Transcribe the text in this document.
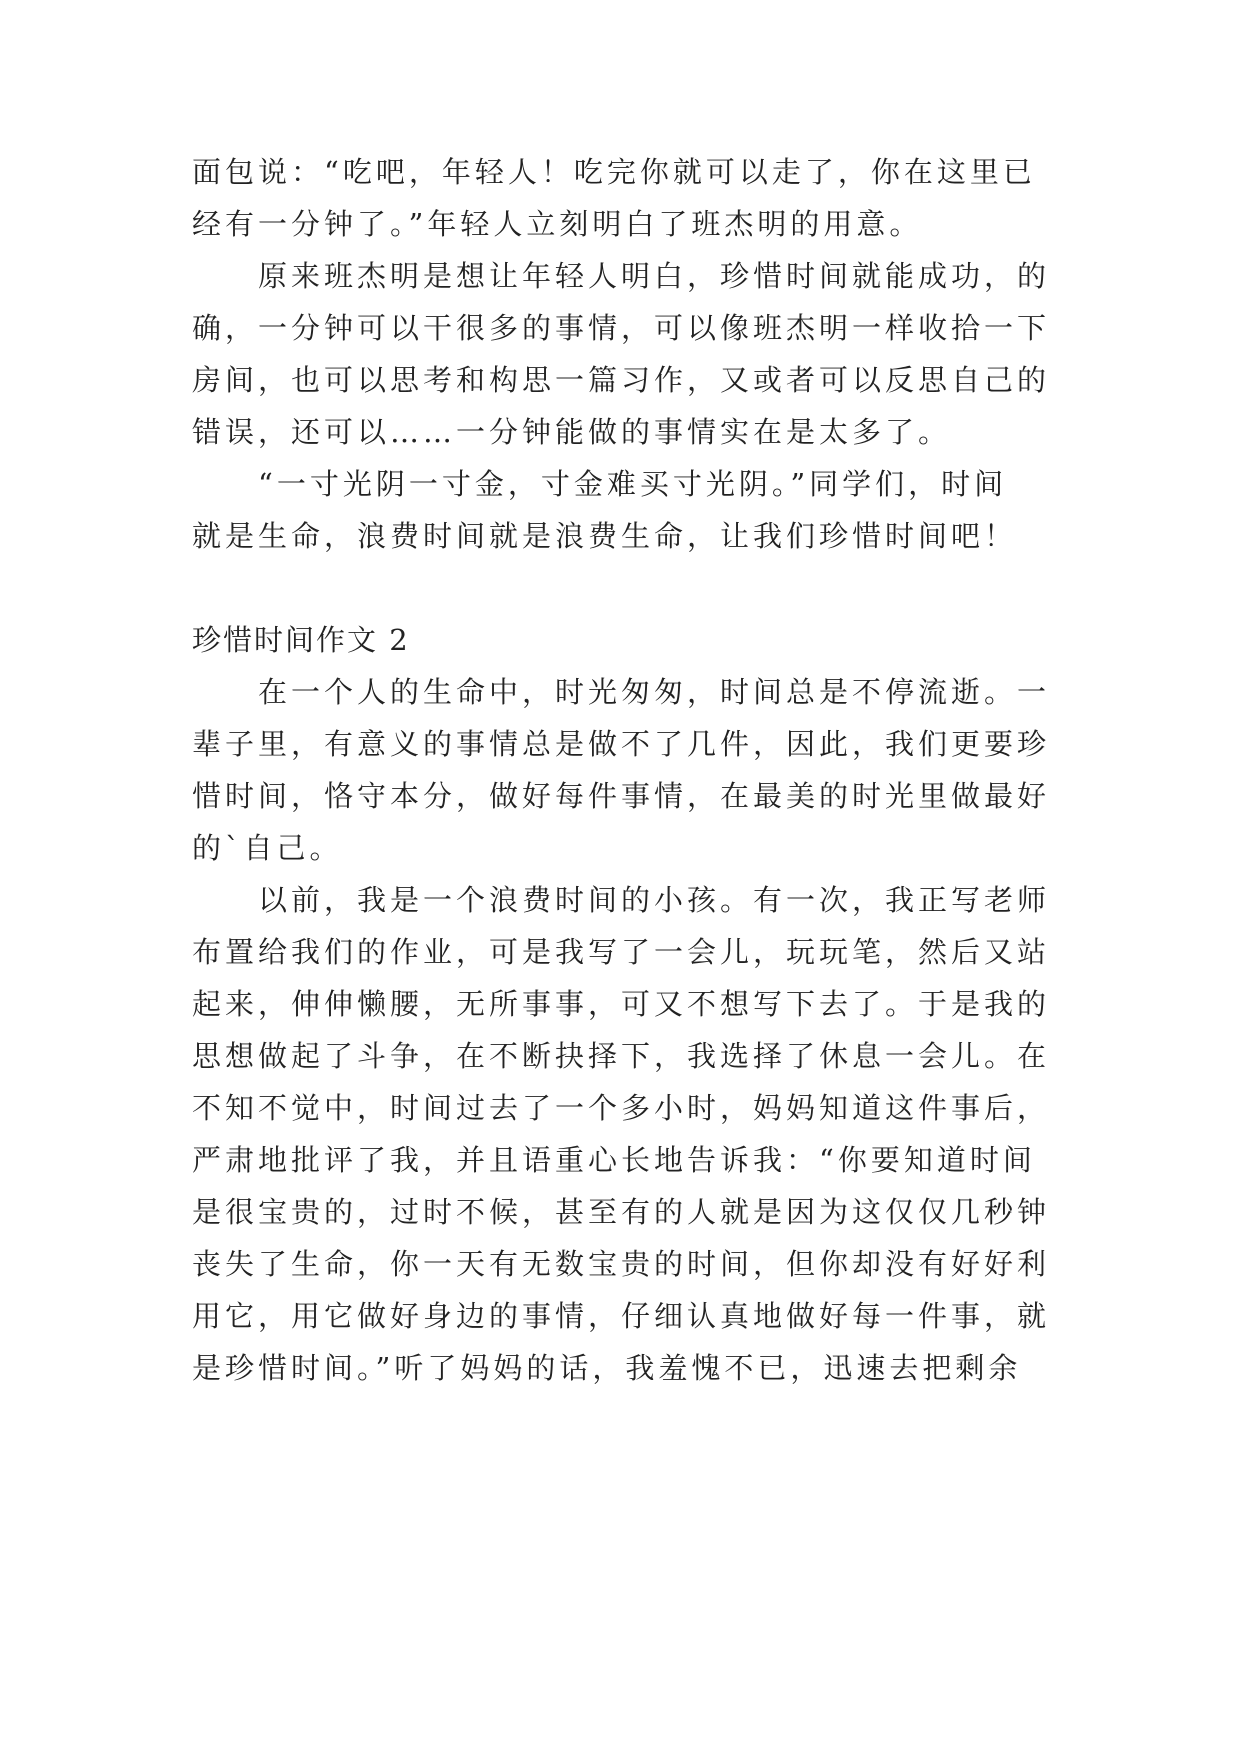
面包说：“吃吧，年轻人！吃完你就可以走了，你在这里已

经有一分钟了。”年轻人立刻明白了班杰明的用意。

原来班杰明是想让年轻人明白，珍惜时间就能成功，的

确，一分钟可以干很多的事情，可以像班杰明一样收拾一下

房间，也可以思考和构思一篇习作，又或者可以反思自己的

错误，还可以……一分钟能做的事情实在是太多了。

“一寸光阴一寸金，寸金难买寸光阴。”同学们，时间

就是生命，浪费时间就是浪费生命，让我们珍惜时间吧！

珍惜时间作文 2

在一个人的生命中，时光匆匆，时间总是不停流逝。一

辈子里，有意义的事情总是做不了几件，因此，我们更要珍

惜时间，恪守本分，做好每件事情，在最美的时光里做最好

的`自己。

以前，我是一个浪费时间的小孩。有一次，我正写老师

布置给我们的作业，可是我写了一会儿，玩玩笔，然后又站

起来，伸伸懒腰，无所事事，可又不想写下去了。于是我的

思想做起了斗争，在不断抉择下，我选择了休息一会儿。在

不知不觉中，时间过去了一个多小时，妈妈知道这件事后，

严肃地批评了我，并且语重心长地告诉我：“你要知道时间

是很宝贵的，过时不候，甚至有的人就是因为这仅仅几秒钟

丧失了生命，你一天有无数宝贵的时间，但你却没有好好利

用它，用它做好身边的事情，仔细认真地做好每一件事，就

是珍惜时间。”听了妈妈的话，我羞愧不已，迅速去把剩余
